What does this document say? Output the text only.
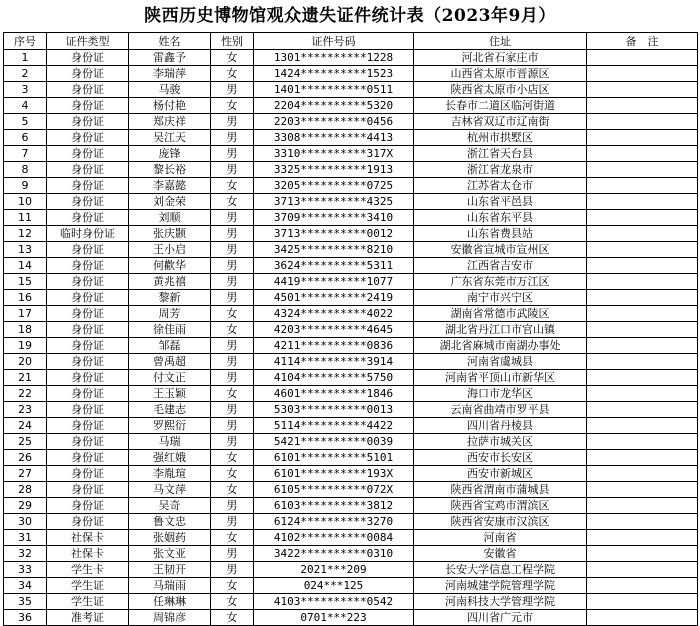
陕西历史博物馆观众遗失证件统计表（2023年9月）
序号	证件类型	姓名	性别	证件号码	住址	备　注
1	身份证	雷鑫予	女	1301**********1228	河北省石家庄市	
2	身份证	李瑞萍	女	1424**********1523	山西省太原市晋源区	
3	身份证	马骏	男	1401**********0511	陕西省太原市小店区	
4	身份证	杨付艳	女	2204**********5320	长春市二道区临河街道	
5	身份证	郑庆祥	男	2203**********0456	吉林省双辽市辽南街	
6	身份证	吴江天	男	3308**********4413	杭州市拱墅区	
7	身份证	庞锋	男	3310**********317X	浙江省天台县	
8	身份证	黎长裕	男	3325**********1913	浙江省龙泉市	
9	身份证	李嘉懿	女	3205**********0725	江苏省太仓市	
10	身份证	刘金荣	女	3713**********4325	山东省平邑县	
11	身份证	刘顺	男	3709**********3410	山东省东平县	
12	临时身份证	张庆颢	男	3713**********0012	山东省费县站	
13	身份证	王小启	男	3425**********8210	安徽省宣城市宣州区	
14	身份证	何歡华	男	3624**********5311	江西省吉安市	
15	身份证	黄兆禧	男	4419**********1077	广东省东莞市万江区	
16	身份证	黎新	男	4501**********2419	南宁市兴宁区	
17	身份证	周芳	女	4324**********4022	湖南省常德市武陵区	
18	身份证	徐佳雨	女	4203**********4645	湖北省丹江口市官山镇	
19	身份证	邹磊	男	4211**********0836	湖北省麻城市南湖办事处	
20	身份证	曾禹超	男	4114**********3914	河南省虞城县	
21	身份证	付文正	男	4104**********5750	河南省平顶山市新华区	
22	身份证	王玉颖	女	4601**********1846	海口市龙华区	
23	身份证	毛建志	男	5303**********0013	云南省曲靖市罗平县	
24	身份证	罗熙衍	男	5114**********4422	四川省丹棱县	
25	身份证	马瑞	男	5421**********0039	拉萨市城关区	
26	身份证	强红娥	女	6101**********5101	西安市长安区	
27	身份证	李胤瑄	女	6101**********193X	西安市新城区	
28	身份证	马文萍	女	6105**********072X	陕西省渭南市蒲城县	
29	身份证	吴奇	男	6103**********3812	陕西省宝鸡市渭滨区	
30	身份证	鲁文忠	男	6124**********3270	陕西省安康市汉滨区	
31	社保卡	张姻药	女	4102**********0084	河南省	
32	社保卡	张文亚	男	3422**********0310	安徽省	
33	学生卡	王韧开	男	2021***209	长安大学信息工程学院	
34	学生证	马瑞雨	女	024***125	河南城建学院管理学院	
35	学生证	任琳琳	女	4103**********0542	河南科技大学管理学院	
36	准考证	周锦彦	女	0701***223	四川省广元市	
